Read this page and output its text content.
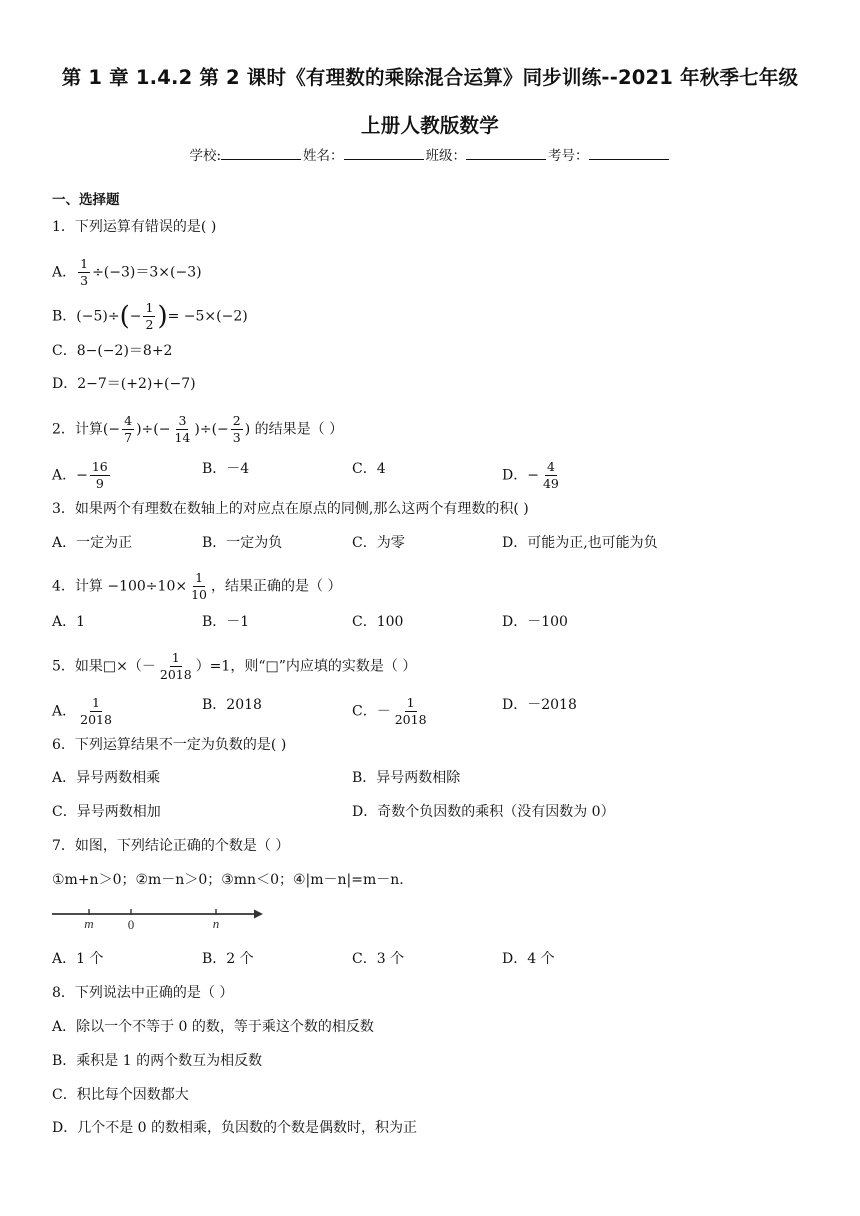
第 1 章 1.4.2 第 2 课时《有理数的乘除混合运算》同步训练--2021 年秋季七年级
上册人教版数学
学校:	姓名：	班级：	考号：
一、选择题
1．下列运算有错误的是( )
A． $\frac{1}{3} \div(-3)=3\times(-3)$
B．$(-5)\div(- \frac{1}{2}$ )= −5×(−2)
C．8−(−2)＝8+2
D．2−7＝(+2)+(−7)
2．计算(− $\frac{4}{7}$ )÷(− $\frac{3}{14}$ )÷(− $\frac{2}{3}$ ) 的结果是（ ）
A．− $\frac{16}{9}$	B．－4	C．4	D．− $\frac{4}{49}$
3．如果两个有理数在数轴上的对应点在原点的同侧,那么这两个有理数的积( )
A．一定为正	B．一定为负	C．为零	D．可能为正,也可能为负
4．计算 $-100\div 10\times \frac{1}{10}$ ，结果正确的是（ ）
A．1	B．－1	C．100	D．－100
5．如果□×（－ $\frac{1}{2018} )=1$，则“□”内应填的实数是（ ）
A． $\frac{1}{2018}$	B．2018	C．－ $\frac{1}{2018}$	D．－2018
6．下列运算结果不一定为负数的是( )
A．异号两数相乘	B．异号两数相除
C．异号两数相加	D．奇数个负因数的乘积（没有因数为 0）
7．如图，下列结论正确的个数是（ ）
①m+n＞0；②m－n＞0；③mn＜0；④|m－n|=m－n.
m	0	n
A．1 个	B．2 个	C．3 个	D．4 个
8．下列说法中正确的是（ ）
A．除以一个不等于 0 的数，等于乘这个数的相反数
B．乘积是 1 的两个数互为相反数
C．积比每个因数都大
D．几个不是 0 的数相乘，负因数的个数是偶数时，积为正
